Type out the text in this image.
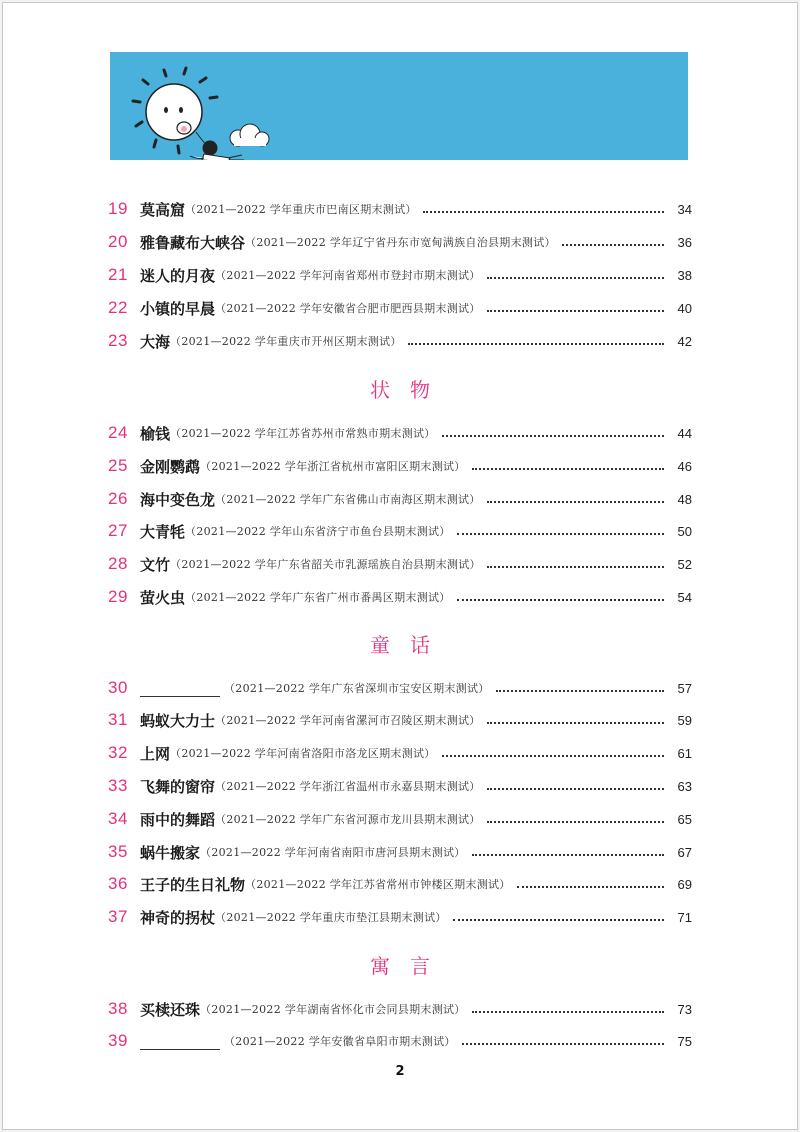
19 莫高窟 （2021—2022 学年重庆市巴南区期末测试）	34
20 雅鲁藏布大峡谷 （2021—2022 学年辽宁省丹东市宽甸满族自治县期末测试）	36
21 迷人的月夜 （2021—2022 学年河南省郑州市登封市期末测试）	38
22 小镇的早晨 （2021—2022 学年安徽省合肥市肥西县期末测试）	40
23 大海 （2021—2022 学年重庆市开州区期末测试）	42
状物
24 榆钱 （2021—2022 学年江苏省苏州市常熟市期末测试）	44
25 金刚鹦鹉 （2021—2022 学年浙江省杭州市富阳区期末测试）	46
26 海中变色龙 （2021—2022 学年广东省佛山市南海区期末测试）	48
27 大青牦 （2021—2022 学年山东省济宁市鱼台县期末测试）	50
28 文竹 （2021—2022 学年广东省韶关市乳源瑶族自治县期末测试）	52
29 萤火虫 （2021—2022 学年广东省广州市番禺区期末测试）	54
童话
30	（2021—2022 学年广东省深圳市宝安区期末测试）	57
31 蚂蚁大力士 （2021—2022 学年河南省漯河市召陵区期末测试）	59
32 上网 （2021—2022 学年河南省洛阳市洛龙区期末测试）	61
33 飞舞的窗帘 （2021—2022 学年浙江省温州市永嘉县期末测试）	63
34 雨中的舞蹈 （2021—2022 学年广东省河源市龙川县期末测试）	65
35 蜗牛搬家 （2021—2022 学年河南省南阳市唐河县期末测试）	67
36 王子的生日礼物 （2021—2022 学年江苏省常州市钟楼区期末测试）	69
37 神奇的拐杖 （2021—2022 学年重庆市垫江县期末测试）	71
寓言
38 买椟还珠 （2021—2022 学年湖南省怀化市会同县期末测试）	73
39	（2021—2022 学年安徽省阜阳市期末测试）	75
2
